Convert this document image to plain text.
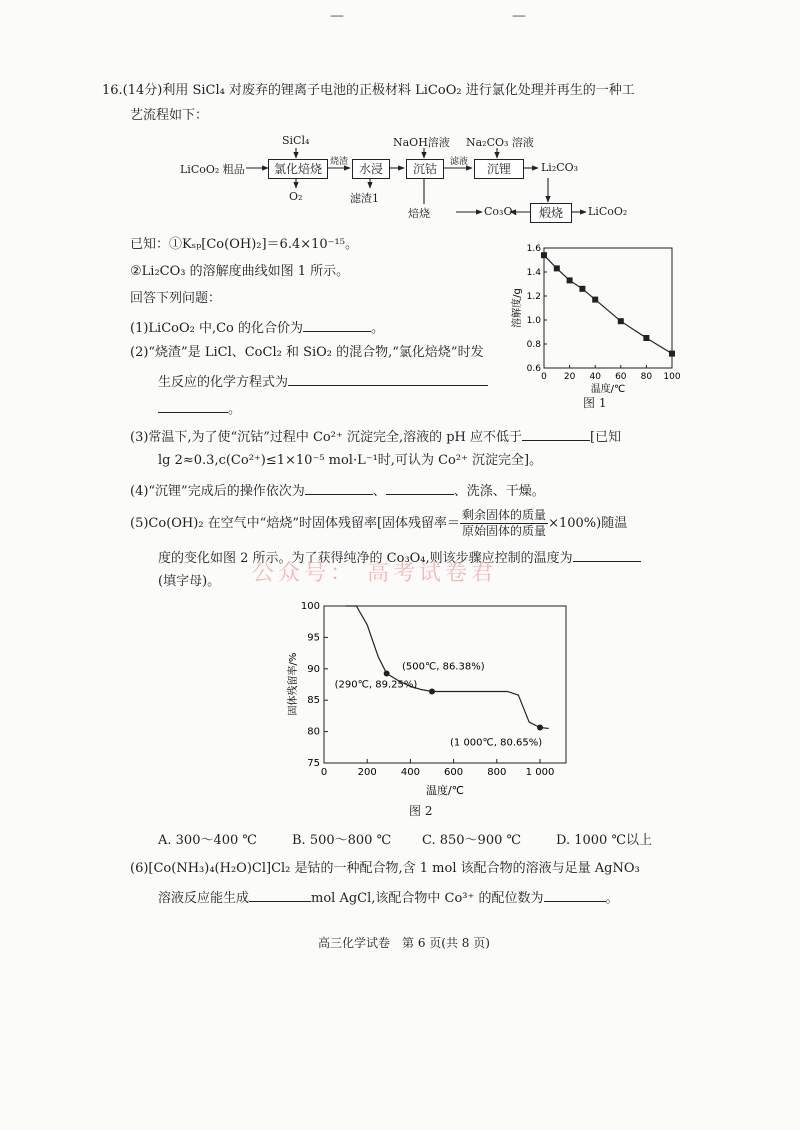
—	—
16.(14分)利用 SiCl₄ 对废弃的锂离子电池的正极材料 LiCoO₂ 进行氯化处理并再生的一种工
艺流程如下：
SiCl₄	NaOH溶液 Na₂CO₃ 溶液
LiCoO₂ 粗品	氯化焙烧 烧渣 水浸	沉钴	滤液	沉锂	Li₂CO₃
O₂	滤渣1
焙烧	Co₃O₄	煅烧	LiCoO₂
已知：①Kₛₚ[Co(OH)₂]＝6.4×10⁻¹⁵。
②Li₂CO₃ 的溶解度曲线如图 1 所示。
回答下列问题：
(1)LiCoO₂ 中,Co 的化合价为	。
(2)“烧渣”是 LiCl、CoCl₂ 和 SiO₂ 的混合物,“氯化焙烧”时发
生反应的化学方程式为
。
0 20 40 60 80 100
0.6
0.8
1.0
1.2
1.4
1.6
温度/℃
溶解度/g
图 1
(3)常温下,为了使“沉钴”过程中 Co²⁺ 沉淀完全,溶液的 pH 应不低于	[已知
lg 2≈0.3,c(Co²⁺)≤1×10⁻⁵ mol·L⁻¹时,可认为 Co²⁺ 沉淀完全]。
(4)“沉锂”完成后的操作依次为	、	、洗涤、干燥。
(5)Co(OH)₂ 在空气中“焙烧”时固体残留率[固体残留率＝ $\frac{\text{剩余固体的质量}}{\text{原始固体的质量}} \times 100\%$)随温
度的变化如图 2 所示。为了获得纯净的 Co₃O₄,则该步骤应控制的温度为
(填字母)。 公众号： 高考试卷君
0	200 400 600 800 1 000
75
80
85
90
95
100
(290℃, 89.25%)
(500℃, 86.38%)
(1 000℃, 80.65%)
温度/℃
固体残留率/%
图 2
A. 300～400 ℃	B. 500～800 ℃ C. 850～900 ℃	D. 1000 ℃以上
(6)[Co(NH₃)₄(H₂O)Cl]Cl₂ 是钴的一种配合物,含 1 mol 该配合物的溶液与足量 AgNO₃
溶液反应能生成	mol AgCl,该配合物中 Co³⁺ 的配位数为	。
高三化学试卷　第 6 页(共 8 页)
